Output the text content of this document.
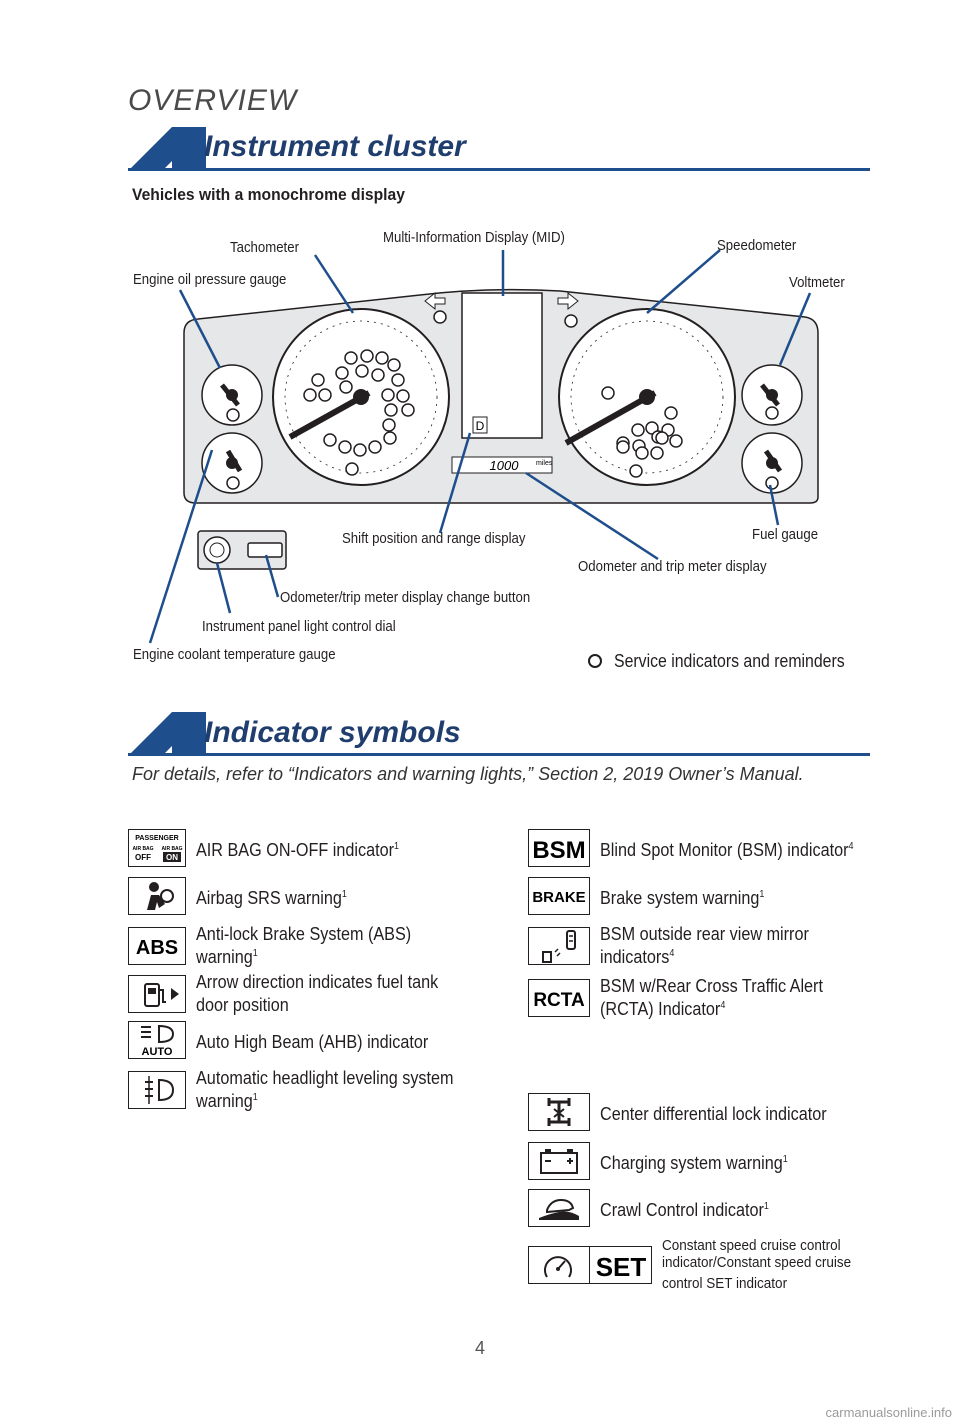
OVERVIEW
Instrument cluster
Vehicles with a monochrome display
D
1000	miles
Tachometer
Multi-Information Display (MID)	Speedometer
Engine oil pressure gauge	Voltmeter
Shift position and range display	Fuel gauge
Odometer and trip meter display
Odometer/trip meter display change button
Instrument panel light control dial
Engine coolant temperature gauge	Service indicators and reminders
Indicator symbols
For details, refer to “Indicators and warning lights,” Section 2, 2019 Owner’s Manual.
PASSENGER
AIR BAG AIR BAG
OFF ON AIR BAG ON-OFF indicator$^1$
Airbag SRS warning$^1$
ABS
Anti-lock Brake System (ABS) warning$^1$
Arrow direction indicates fuel tank door position
AUTO
Auto High Beam (AHB) indicator
Automatic headlight leveling system warning$^1$
BSM Blind Spot Monitor (BSM) indicator$^4$
BRAKE Brake system warning$^1$
BSM outside rear view mirror indicators$^4$
RCTA
BSM w/Rear Cross Traffic Alert (RCTA) Indicator$^4$
Center differential lock indicator
Charging system warning$^1$
Crawl Control indicator$^1$
SET
Constant speed cruise control indicator/Constant speed cruise control SET indicator
4
carmanualsonline.info
